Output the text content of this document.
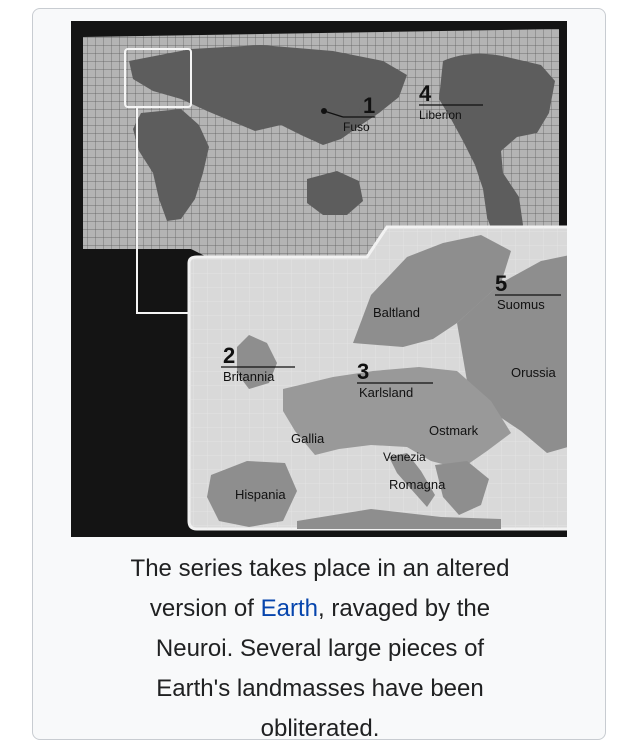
1
Fuso
4
Liberion
2
Britannia	3
Karlsland
5
Suomus
Baltland
Orussia
Gallia
Ostmark
Venezia
Hispania
Romagna
The series takes place in an altered
version of Earth, ravaged by the
Neuroi. Several large pieces of
Earth's landmasses have been
obliterated.
